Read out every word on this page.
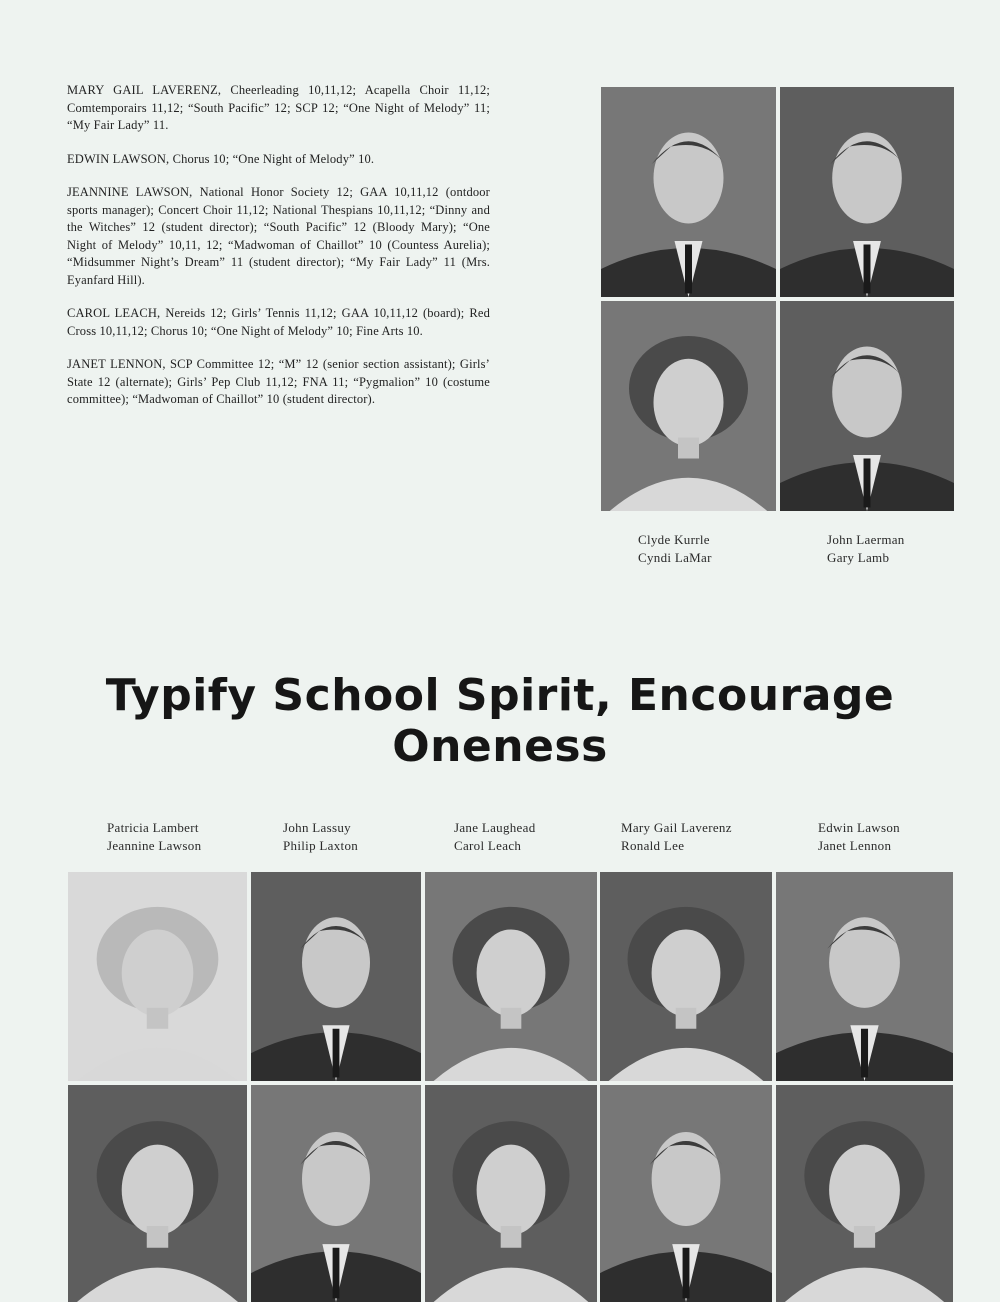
MARY GAIL LAVERENZ, Cheerleading 10,11,12; Acapella Choir 11,12; Comtemporairs 11,12; “South Pacific” 12; SCP 12; “One Night of Melody” 11; “My Fair Lady” 11.

EDWIN LAWSON, Chorus 10; “One Night of Melody” 10.

JEANNINE LAWSON, National Honor Society 12; GAA 10,11,12 (ontdoor sports manager); Concert Choir 11,12; National Thespians 10,11,12; “Dinny and the Witches” 12 (student director); “South Pacific” 12 (Bloody Mary); “One Night of Melody” 10,11, 12; “Madwoman of Chaillot” 10 (Countess Aurelia); “Midsummer Night’s Dream” 11 (student director); “My Fair Lady” 11 (Mrs. Eyanfard Hill).

CAROL LEACH, Nereids 12; Girls’ Tennis 11,12; GAA 10,11,12 (board); Red Cross 10,11,12; Chorus 10; “One Night of Melody” 10; Fine Arts 10.

JANET LENNON, SCP Committee 12; “M” 12 (senior section assistant); Girls’ State 12 (alternate); Girls’ Pep Club 11,12; FNA 11; “Pygmalion” 10 (costume committee); “Madwoman of Chaillot” 10 (student director).

Clyde Kurrle
Cyndi LaMar
John Laerman
Gary Lamb
Typify School Spirit, Encourage Oneness
Patricia Lambert
Jeannine Lawson
John Lassuy
Philip Laxton
Jane Laughead
Carol Leach
Mary Gail Laverenz
Ronald Lee
Edwin Lawson
Janet Lennon
